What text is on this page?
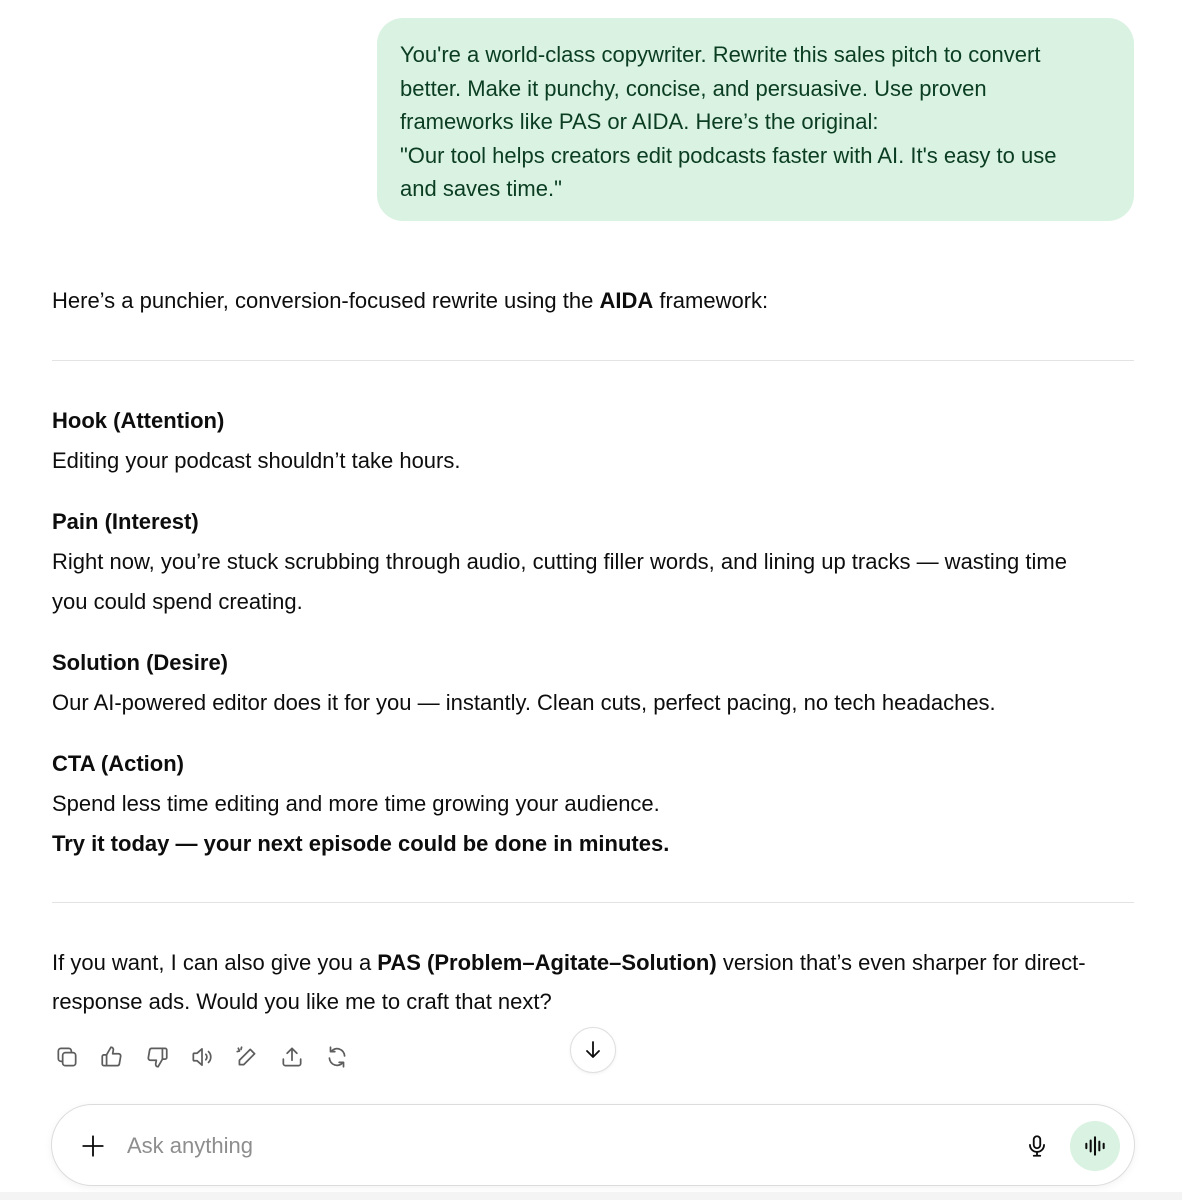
You're a world-class copywriter. Rewrite this sales pitch to convert
better. Make it punchy, concise, and persuasive. Use proven
frameworks like PAS or AIDA. Here’s the original:
"Our tool helps creators edit podcasts faster with AI. It's easy to use
and saves time."
Here’s a punchier, conversion-focused rewrite using the AIDA framework:
Hook (Attention)
Editing your podcast shouldn’t take hours.
Pain (Interest)
Right now, you’re stuck scrubbing through audio, cutting filler words, and lining up tracks — wasting time
you could spend creating.
Solution (Desire)
Our AI-powered editor does it for you — instantly. Clean cuts, perfect pacing, no tech headaches.
CTA (Action)
Spend less time editing and more time growing your audience.
Try it today — your next episode could be done in minutes.
If you want, I can also give you a PAS (Problem–Agitate–Solution) version that’s even sharper for direct-
response ads. Would you like me to craft that next?
Ask anything
